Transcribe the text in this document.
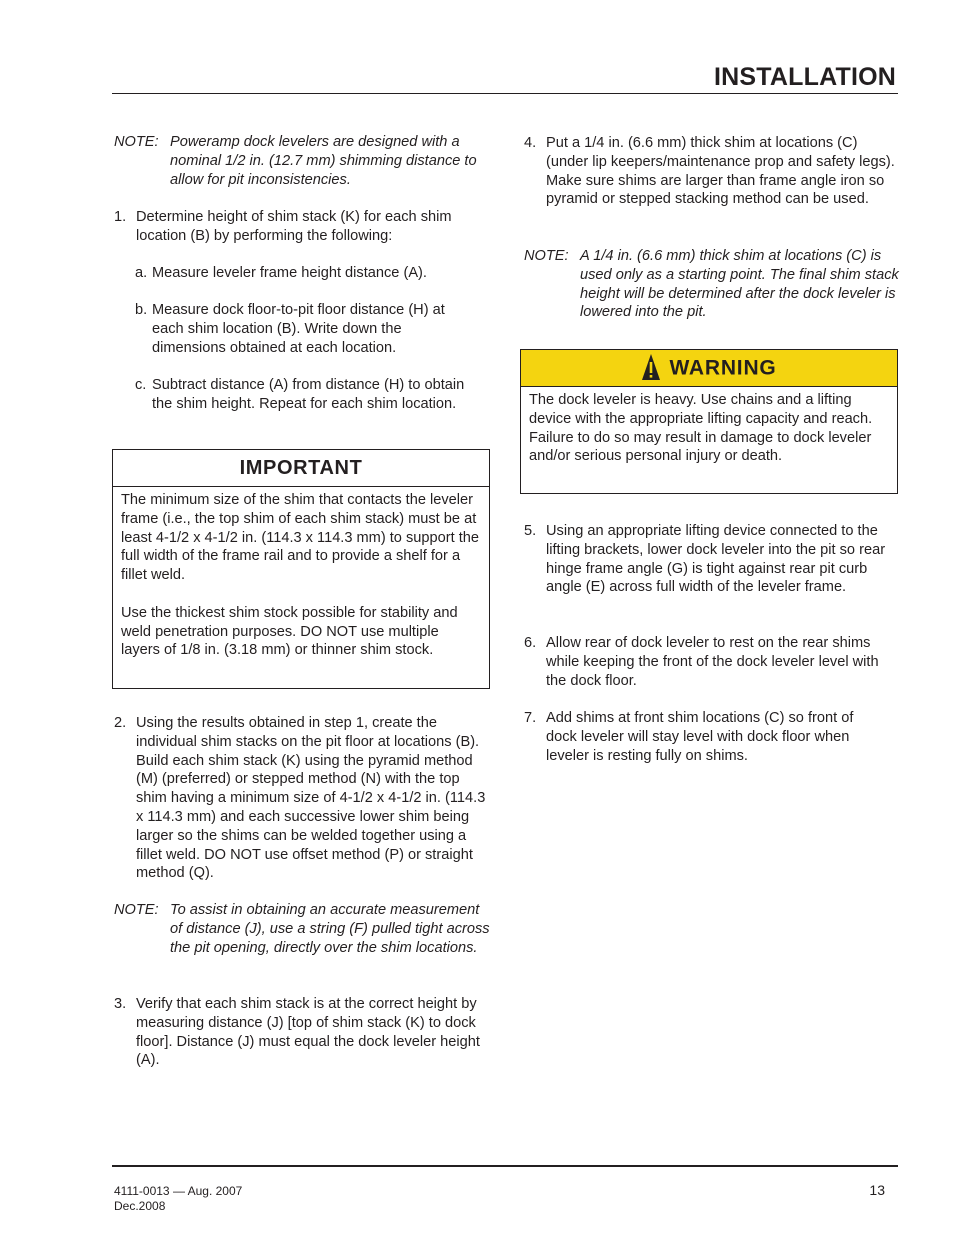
INSTALLATION
NOTE: Poweramp dock levelers are designed with a nominal 1/2 in. (12.7 mm) shimming distance to allow for pit inconsistencies.
1. Determine height of shim stack (K) for each shim location (B) by performing the following:
a. Measure leveler frame height distance (A).
b. Measure dock floor-to-pit floor distance (H) at each shim location (B). Write down the dimensions obtained at each location.
c. Subtract distance (A) from distance (H) to obtain the shim height. Repeat for each shim location.
IMPORTANT

The minimum size of the shim that contacts the leveler frame (i.e., the top shim of each shim stack) must be at least 4-1/2 x 4-1/2 in. (114.3 x 114.3 mm) to support the full width of the frame rail and to provide a shelf for a fillet weld.

Use the thickest shim stock possible for stability and weld penetration purposes. DO NOT use multiple layers of 1/8 in. (3.18 mm) or thinner shim stock.

2. Using the results obtained in step 1, create the individual shim stacks on the pit floor at locations (B). Build each shim stack (K) using the pyramid method (M) (preferred) or stepped method (N) with the top shim having a minimum size of 4-1/2 x 4-1/2 in. (114.3 x 114.3 mm) and each successive lower shim being larger so the shims can be welded together using a fillet weld. DO NOT use offset method (P) or straight method (Q).
NOTE: To assist in obtaining an accurate measurement of distance (J), use a string (F) pulled tight across the pit opening, directly over the shim locations.
3. Verify that each shim stack is at the correct height by measuring distance (J) [top of shim stack (K) to dock floor]. Distance (J) must equal the dock leveler height (A).
4. Put a 1/4 in. (6.6 mm) thick shim at locations (C) (under lip keepers/maintenance prop and safety legs). Make sure shims are larger than frame angle iron so pyramid or stepped stacking method can be used.
NOTE: A 1/4 in. (6.6 mm) thick shim at locations (C) is used only as a starting point. The final shim stack height will be determined after the dock leveler is lowered into the pit.
WARNING

The dock leveler is heavy. Use chains and a lifting device with the appropriate lifting capacity and reach. Failure to do so may result in damage to dock leveler and/or serious personal injury or death.

5. Using an appropriate lifting device connected to the lifting brackets, lower dock leveler into the pit so rear hinge frame angle (G) is tight against rear pit curb angle (E) across full width of the leveler frame.
6. Allow rear of dock leveler to rest on the rear shims while keeping the front of the dock leveler level with the dock floor.
7. Add shims at front shim locations (C) so front of dock leveler will stay level with dock floor when leveler is resting fully on shims.
4111-0013 — Aug. 2007
Dec.2008
13
